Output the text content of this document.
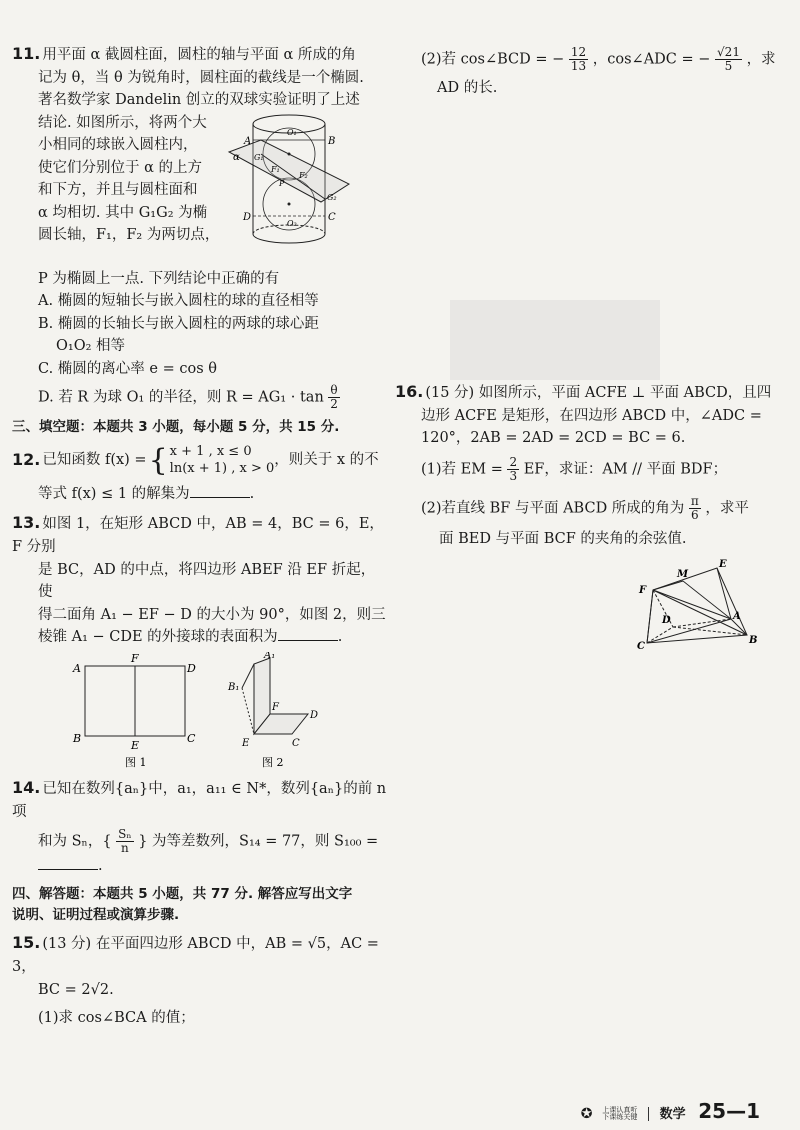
11. 用平面 α 截圆柱面，圆柱的轴与平面 α 所成的角

记为 θ，当 θ 为锐角时，圆柱面的截线是一个椭圆.

著名数学家 Dandelin 创立的双球实验证明了上述

结论. 如图所示，将两个大

小相同的球嵌入圆柱内，

使它们分别位于 α 的上方

和下方，并且与圆柱面和

α 均相切. 其中 G₁G₂ 为椭

圆长轴，F₁，F₂ 为两切点，

A	B
C
D
O₁
O₂
G₁
G₂
F₁
F₂
P
α

P 为椭圆上一点. 下列结论中正确的有

A. 椭圆的短轴长与嵌入圆柱的球的直径相等

B. 椭圆的长轴长与嵌入圆柱的两球的球心距

O₁O₂ 相等

C. 椭圆的离心率 e = cos θ

D. 若 R 为球 O₁ 的半径，则 $R = AG_1 \cdot \tan \frac{\theta}{2}$

三、填空题：本题共 3 小题，每小题 5 分，共 15 分.

12. 已知函数 f(x) = { x + 1 , x ≤ 0
ln(x + 1) , x > 0 ，则关于 x 的不

等式 f(x) ≤ 1 的解集为	.

13. 如图 1，在矩形 ABCD 中，AB = 4，BC = 6，E，F 分别

是 BC，AD 的中点，将四边形 ABEF 沿 EF 折起，使

得二面角 A₁ − EF − D 的大小为 90°，如图 2，则三

棱锥 A₁ − CDE 的外接球的表面积为	.

A
F
D
B
E
C
图 1
A₁
B₁
F
D
E	C
图 2

14. 已知在数列{aₙ}中，a₁，a₁₁ ∈ N*，数列{aₙ}的前 n 项

和为 Sₙ，{ $\frac{\text{Sₙ}}{n}$ } 为等差数列，S₁₄ = 77，则 S₁₀₀ =.

四、解答题：本题共 5 小题，共 77 分. 解答应写出文字

说明、证明过程或演算步骤.

15. (13 分) 在平面四边形 ABCD 中，AB = √5，AC = 3，

BC = 2√2.

(1)求 cos∠BCA 的值；

(2)若 cos∠BCD = − $\frac{12}{13}$ ，cos∠ADC = − $\frac{√21}{5}$ ，求

AD 的长.

16. (15 分) 如图所示，平面 ACFE ⊥ 平面 ABCD，且四

边形 ACFE 是矩形，在四边形 ABCD 中，∠ADC =

120°，2AB = 2AD = 2CD = BC = 6.

(1)若 EM = $\frac{2}{3}$ EF，求证：AM // 平面 BDF；

(2)若直线 BF 与平面 ABCD 所成的角为 $\frac{\pi}{6}$ ，求平

面 BED 与平面 BCF 的夹角的余弦值.

M
E
F
D	A
C
B
✪ 上课认真听
下课练关键 数学 25—1
